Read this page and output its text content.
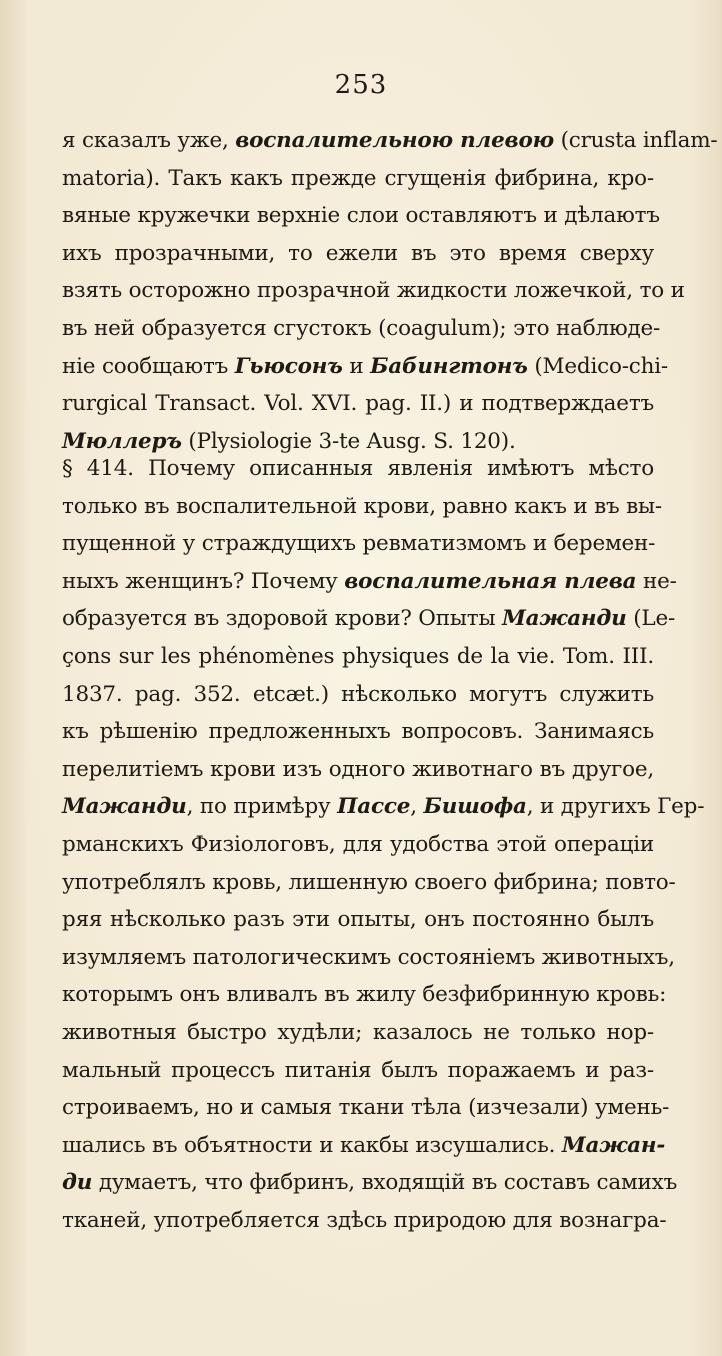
253
я сказалъ уже, воспалительною плевою (crusta inflam-
matoria). Такъ какъ прежде сгущенія фибрина, кро-
вяные кружечки верхніе слои оставляютъ и дѣлаютъ
ихъ прозрачными, то ежели въ это время сверху
взять осторожно прозрачной жидкости ложечкой, то и
въ ней образуется сгустокъ (coagulum); это наблюде-
ніе сообщаютъ Гьюсонъ и Бабингтонъ (Medico-chi-
rurgical Transact. Vol. XVI. pag. II.) и подтверждаетъ
Мюллеръ (Plysiologie 3-te Ausg. S. 120).
§ 414. Почему описанныя явленія имѣютъ мѣсто
только въ воспалительной крови, равно какъ и въ вы-
пущенной у страждущихъ ревматизмомъ и беремен-
ныхъ женщинъ? Почему воспалительная плева не-
образуется въ здоровой крови? Опыты Мажанди (Le-
çons sur les phénomènes physiques de la vie. Tom. III.
1837. pag. 352. etcæt.) нѣсколько могутъ служить
къ рѣшенію предложенныхъ вопросовъ. Занимаясь
перелитіемъ крови изъ одного животнаго въ другое,
Мажанди, по примѣру Пассе, Бишофа, и другихъ Гер-
рманскихъ Физіологовъ, для удобства этой операціи
употреблялъ кровь, лишенную своего фибрина; повто-
ряя нѣсколько разъ эти опыты, онъ постоянно былъ
изумляемъ патологическимъ состояніемъ животныхъ,
которымъ онъ вливалъ въ жилу безфибринную кровь:
животныя быстро худѣли; казалось не только нор-
мальный процессъ питанія былъ поражаемъ и раз-
строиваемъ, но и самыя ткани тѣла (изчезали) умень-
шались въ объятности и какбы изсушались. Мажан-
ди думаетъ, что фибринъ, входящій въ составъ самихъ
тканей, употребляется здѣсь природою для вознагра-
